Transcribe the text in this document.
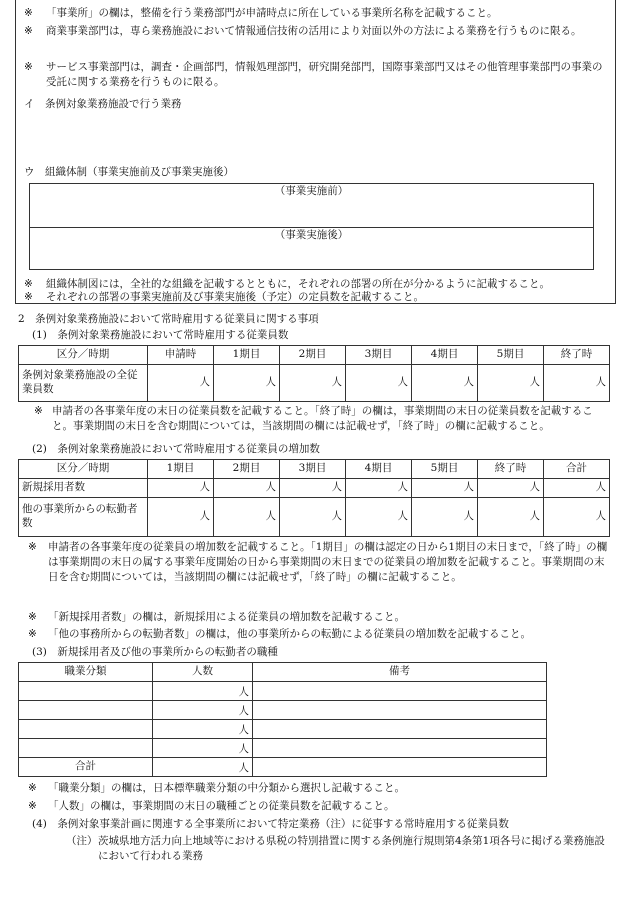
※ 「事業所」の欄は，整備を行う業務部門が申請時点に所在している事業所名称を記載すること。
※ 商業事業部門は，専ら業務施設において情報通信技術の活用により対面以外の方法による業務を行うものに限る。
※ サービス事業部門は，調査・企画部門，情報処理部門，研究開発部門，国際事業部門又はその他管理事業部門の事業の受託に関する業務を行うものに限る。
イ　条例対象業務施設で行う業務
ウ　組織体制（事業実施前及び事業実施後）
（事業実施前）
（事業実施後）
※ 組織体制図には，全社的な組織を記載するとともに，それぞれの部署の所在が分かるように記載すること。
※ それぞれの部署の事業実施前及び事業実施後（予定）の定員数を記載すること。
2　条例対象業務施設において常時雇用する従業員に関する事項
(1)　条例対象業務施設において常時雇用する従業員数
区分／時期	申請時	1期目	2期目	3期目	4期目	5期目	終了時
条例対象業務施設の全従業員数	人	人	人	人	人	人	人
※ 申請者の各事業年度の末日の従業員数を記載すること。「終了時」の欄は，事業期間の末日の従業員数を記載すること。事業期間の末日を含む期間については，当該期間の欄には記載せず，「終了時」の欄に記載すること。
(2)　条例対象業務施設において常時雇用する従業員の増加数
区分／時期	1期目	2期目	3期目	4期目	5期目	終了時	合計
新規採用者数	人	人	人	人	人	人	人
他の事業所からの転勤者数	人	人	人	人	人	人	人
※ 申請者の各事業年度の従業員の増加数を記載すること。「1期目」の欄は認定の日から1期目の末日まで，「終了時」の欄は事業期間の末日の属する事業年度開始の日から事業期間の末日までの従業員の増加数を記載すること。事業期間の末日を含む期間については，当該期間の欄には記載せず，「終了時」の欄に記載すること。
※ 「新規採用者数」の欄は，新規採用による従業員の増加数を記載すること。
※ 「他の事務所からの転勤者数」の欄は，他の事業所からの転勤による従業員の増加数を記載すること。
(3)　新規採用者及び他の事業所からの転勤者の職種
職業分類	人数	備考
	人	
	人	
	人	
	人	
合計	人	
※ 「職業分類」の欄は，日本標準職業分類の中分類から選択し記載すること。
※ 「人数」の欄は，事業期間の末日の職種ごとの従業員数を記載すること。
(4)　条例対象事業計画に関連する全事業所において特定業務（注）に従事する常時雇用する従業員数
（注） 茨城県地方活力向上地域等における県税の特別措置に関する条例施行規則第4条第1項各号に掲げる業務施設において行われる業務
